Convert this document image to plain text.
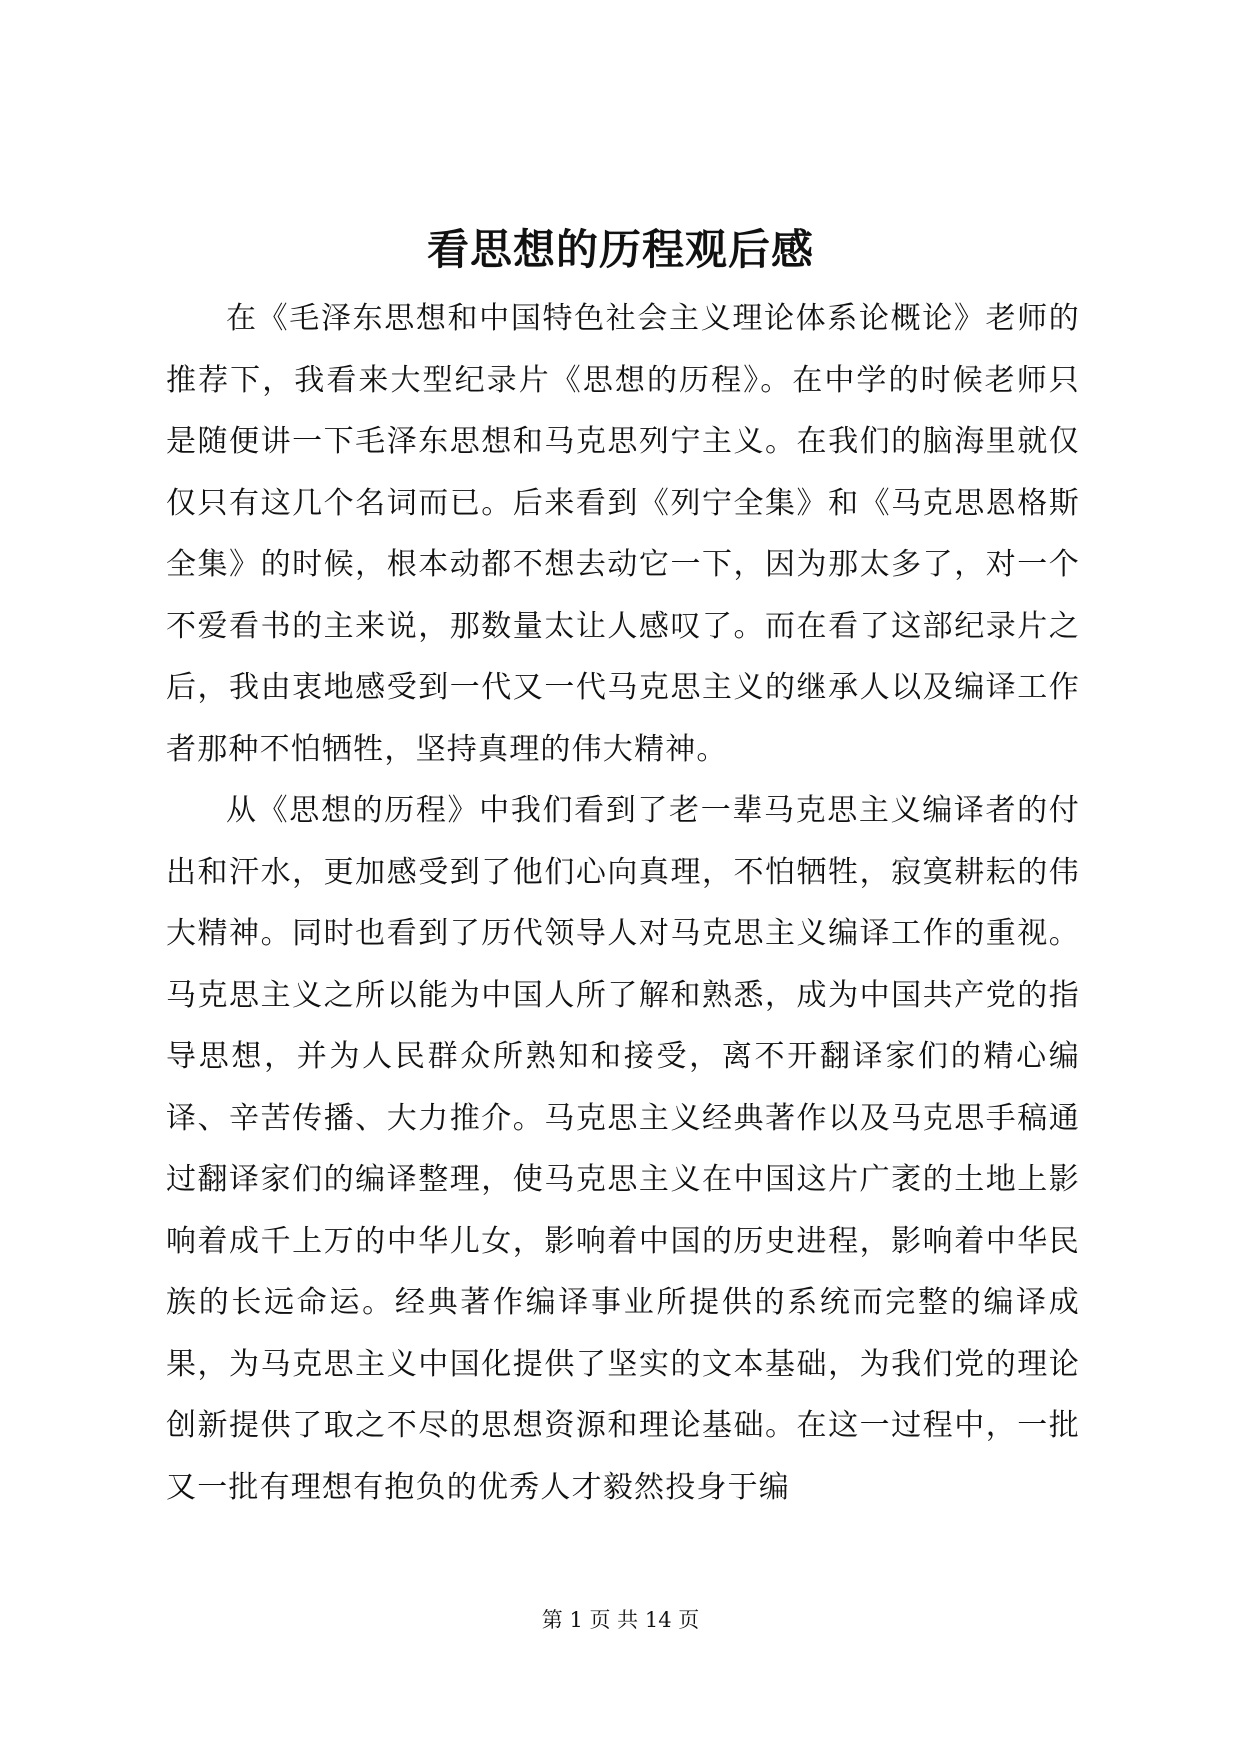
看思想的历程观后感

在《毛泽东思想和中国特色社会主义理论体系论概论》老师的推荐下，我看来大型纪录片《思想的历程》。在中学的时候老师只是随便讲一下毛泽东思想和马克思列宁主义。在我们的脑海里就仅仅只有这几个名词而已。后来看到《列宁全集》和《马克思恩格斯全集》的时候，根本动都不想去动它一下，因为那太多了，对一个不爱看书的主来说，那数量太让人感叹了。而在看了这部纪录片之后，我由衷地感受到一代又一代马克思主义的继承人以及编译工作者那种不怕牺牲，坚持真理的伟大精神。

从《思想的历程》中我们看到了老一辈马克思主义编译者的付出和汗水，更加感受到了他们心向真理，不怕牺牲，寂寞耕耘的伟大精神。同时也看到了历代领导人对马克思主义编译工作的重视。马克思主义之所以能为中国人所了解和熟悉，成为中国共产党的指导思想，并为人民群众所熟知和接受，离不开翻译家们的精心编译、辛苦传播、大力推介。马克思主义经典著作以及马克思手稿通过翻译家们的编译整理，使马克思主义在中国这片广袤的土地上影响着成千上万的中华儿女，影响着中国的历史进程，影响着中华民族的长远命运。经典著作编译事业所提供的系统而完整的编译成果，为马克思主义中国化提供了坚实的文本基础，为我们党的理论创新提供了取之不尽的思想资源和理论基础。在这一过程中，一批又一批有理想有抱负的优秀人才毅然投身于编

第 1 页 共 14 页
